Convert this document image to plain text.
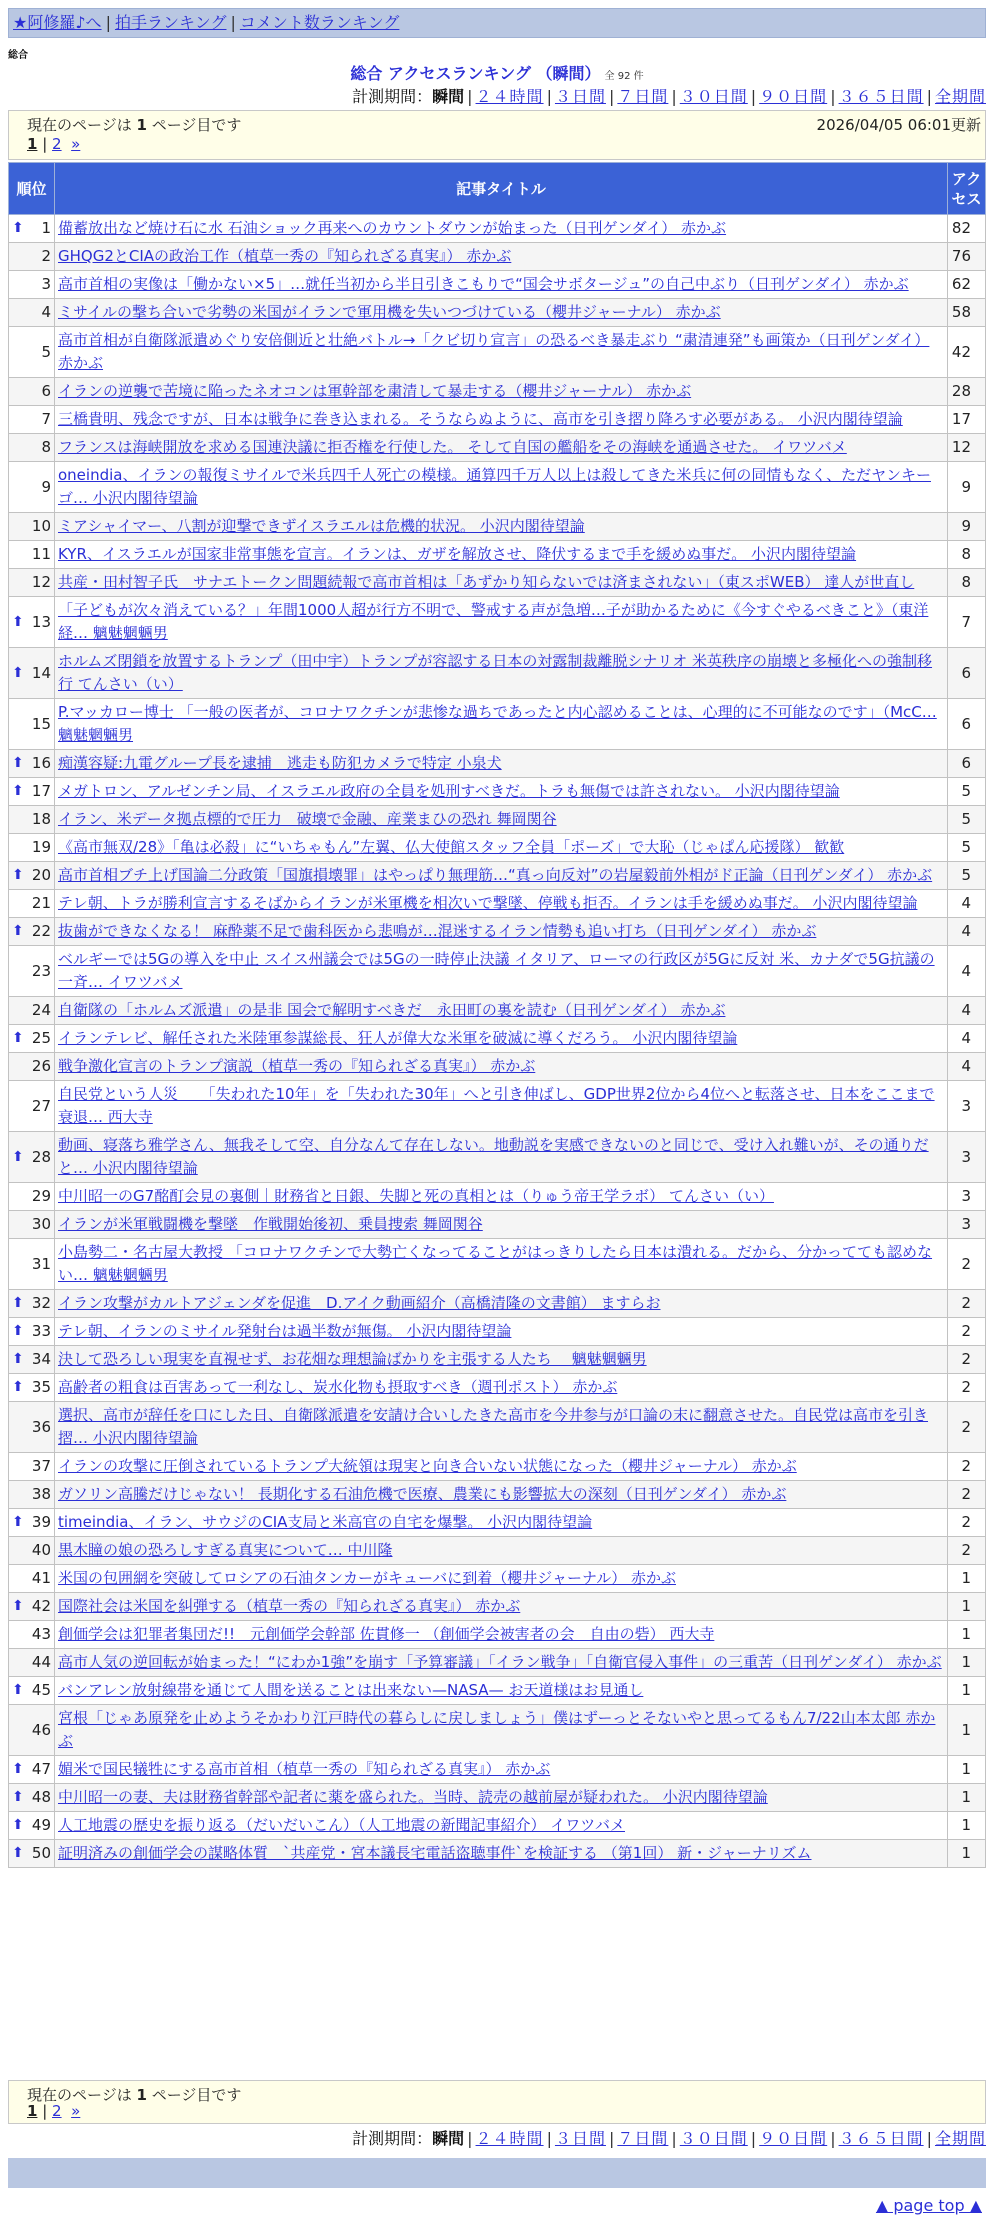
★阿修羅♪へ | 拍手ランキング | コメント数ランキング
総合
総合 アクセスランキング （瞬間） 全 92 件
計測期間：瞬間 | ２４時間 | ３日間 | ７日間 | ３０日間 | ９０日間 | ３６５日間 | 全期間
現在のページは 1 ページ目です	2026/04/05 06:01更新
1 | 2 »
順位	記事タイトル	アクセス

⬆ 1	備蓄放出など焼け石に水 石油ショック再来へのカウントダウンが始まった（日刊ゲンダイ） 赤かぶ	82
2	GHQG2とCIAの政治工作（植草一秀の『知られざる真実』） 赤かぶ	76
3	高市首相の実像は「働かない×5」…就任当初から半日引きこもりで“国会サボタージュ”の自己中ぶり（日刊ゲンダイ） 赤かぶ	62
4	ミサイルの撃ち合いで劣勢の米国がイランで軍用機を失いつづけている（櫻井ジャーナル） 赤かぶ	58
5	高市首相が自衛隊派遣めぐり安倍側近と壮絶バトル→「クビ切り宣言」の恐るべき暴走ぶり “粛清連発”も画策か（日刊ゲンダイ） 赤かぶ	42
6	イランの逆襲で苦境に陥ったネオコンは軍幹部を粛清して暴走する（櫻井ジャーナル） 赤かぶ	28
7	三橋貴明、残念ですが、日本は戦争に巻き込まれる。そうならぬように、高市を引き摺り降ろす必要がある。 小沢内閣待望論	17
8	フランスは海峡開放を求める国連決議に拒否権を行使した。 そして自国の艦船をその海峡を通過させた。 イワツバメ	12
9	oneindia、イランの報復ミサイルで米兵四千人死亡の模様。通算四千万人以上は殺してきた米兵に何の同情もなく、ただヤンキーゴ… 小沢内閣待望論	9
10	ミアシャイマー、八割が迎撃できずイスラエルは危機的状況。 小沢内閣待望論	9
11	KYR、イスラエルが国家非常事態を宣言。イランは、ガザを解放させ、降伏するまで手を緩めぬ事だ。 小沢内閣待望論	8
12	共産・田村智子氏　サナエトークン問題続報で高市首相は「あずかり知らないでは済まされない」（東スポWEB） 達人が世直し	8

⬆ 13	「子どもが次々消えている？」年間1000人超が行方不明で、警戒する声が急増…子が助かるために《今すぐやるべきこと》（東洋経… 魑魅魍魎男	7

⬆ 14	ホルムズ閉鎖を放置するトランプ（田中宇）トランプが容認する日本の対露制裁離脱シナリオ 米英秩序の崩壊と多極化への強制移行 てんさい（い）	6
15	P.マッカロー博士 「一般の医者が、コロナワクチンが悲惨な過ちであったと内心認めることは、心理的に不可能なのです」（McC… 魑魅魍魎男	6

⬆ 16	痴漢容疑:九電グループ長を逮捕　逃走も防犯カメラで特定 小泉犬	6

⬆ 17	メガトロン、アルゼンチン局、イスラエル政府の全員を処刑すべきだ。トラも無傷では許されない。 小沢内閣待望論	5
18	イラン、米データ拠点標的で圧力　破壊で金融、産業まひの恐れ 舞岡関谷	5
19	《高市無双/28》「亀は必殺」に“いちゃもん”左翼、仏大使館スタッフ全員「ポーズ」で大恥（じゃぱん応援隊） 歓歓	5

⬆ 20	高市首相ブチ上げ国論二分政策「国旗損壊罪」はやっぱり無理筋…“真っ向反対”の岩屋毅前外相がド正論（日刊ゲンダイ） 赤かぶ	5
21	テレ朝、トラが勝利宣言するそばからイランが米軍機を相次いで撃墜、停戦も拒否。イランは手を緩めぬ事だ。 小沢内閣待望論	4

⬆ 22	抜歯ができなくなる！ 麻酔薬不足で歯科医から悲鳴が…混迷するイラン情勢も追い打ち（日刊ゲンダイ） 赤かぶ	4
23	ベルギーでは5Gの導入を中止 スイス州議会では5Gの一時停止決議 イタリア、ローマの行政区が5Gに反対 米、カナダで5G抗議の一斉… イワツバメ	4
24	自衛隊の「ホルムズ派遣」の是非 国会で解明すべきだ　永田町の裏を読む（日刊ゲンダイ） 赤かぶ	4

⬆ 25	イランテレビ、解任された米陸軍参謀総長、狂人が偉大な米軍を破滅に導くだろう。 小沢内閣待望論	4
26	戦争激化宣言のトランプ演説（植草一秀の『知られざる真実』） 赤かぶ	4
27	自民党という人災　　「失われた10年」を「失われた30年」へと引き伸ばし、GDP世界2位から4位へと転落させ、日本をここまで衰退… 西大寺	3

⬆ 28	動画、寝落ち雅学さん、無我そして空、自分なんて存在しない。地動説を実感できないのと同じで、受け入れ難いが、その通りだと… 小沢内閣待望論	3
29	中川昭一のG7酩酊会見の裏側｜財務省と日銀、失脚と死の真相とは（りゅう帝王学ラボ） てんさい（い）	3
30	イランが米軍戦闘機を撃墜　作戦開始後初、乗員捜索 舞岡関谷	3
31	小島勢二・名古屋大教授 「コロナワクチンで大勢亡くなってることがはっきりしたら日本は潰れる。だから、分かってても認めない… 魑魅魍魎男	2

⬆ 32	イラン攻撃がカルトアジェンダを促進　D.アイク動画紹介（高橋清隆の文書館） ますらお	2

⬆ 33	テレ朝、イランのミサイル発射台は過半数が無傷。 小沢内閣待望論	2

⬆ 34	決して恐ろしい現実を直視せず、お花畑な理想論ばかりを主張する人たち　 魑魅魍魎男	2

⬆ 35	高齢者の粗食は百害あって一利なし、炭水化物も摂取すべき（週刊ポスト） 赤かぶ	2
36	選択、高市が辞任を口にした日、自衛隊派遣を安請け合いしたきた高市を今井参与が口論の末に翻意させた。自民党は高市を引き摺… 小沢内閣待望論	2
37	イランの攻撃に圧倒されているトランプ大統領は現実と向き合いない状態になった（櫻井ジャーナル） 赤かぶ	2
38	ガソリン高騰だけじゃない！ 長期化する石油危機で医療、農業にも影響拡大の深刻（日刊ゲンダイ） 赤かぶ	2

⬆ 39	timeindia、イラン、サウジのCIA支局と米高官の自宅を爆撃。 小沢内閣待望論	2
40	黒木瞳の娘の恐ろしすぎる真実について… 中川隆	2
41	米国の包囲網を突破してロシアの石油タンカーがキューバに到着（櫻井ジャーナル） 赤かぶ	1

⬆ 42	国際社会は米国を糾弾する（植草一秀の『知られざる真実』） 赤かぶ	1
43	創価学会は犯罪者集団だ!!　元創価学会幹部 佐貫修一 （創価学会被害者の会　自由の砦） 西大寺	1
44	高市人気の逆回転が始まった！“にわか1強”を崩す「予算審議」「イラン戦争」「自衛官侵入事件」の三重苦（日刊ゲンダイ） 赤かぶ	1

⬆ 45	バンアレン放射線帯を通じて人間を送ることは出来ない—NASA— お天道様はお見通し	1
46	宮根「じゃあ原発を止めようそかわり江戸時代の暮らしに戻しましょう」僕はずーっとそないやと思ってるもん7/22山本太郎 赤かぶ	1

⬆ 47	媚米で国民犠牲にする高市首相（植草一秀の『知られざる真実』） 赤かぶ	1

⬆ 48	中川昭一の妻、夫は財務省幹部や記者に薬を盛られた。当時、読売の越前屋が疑われた。 小沢内閣待望論	1

⬆ 49	人工地震の歴史を振り返る（だいだいこん）（人工地震の新聞記事紹介） イワツバメ	1

⬆ 50	証明済みの創価学会の謀略体質　`共産党・宮本議長宅電話盗聴事件`を検証する （第1回） 新・ジャーナリズム	1
現在のページは 1 ページ目です
1 | 2 »
計測期間：瞬間 | ２４時間 | ３日間 | ７日間 | ３０日間 | ９０日間 | ３６５日間 | 全期間
▲ page top ▲
